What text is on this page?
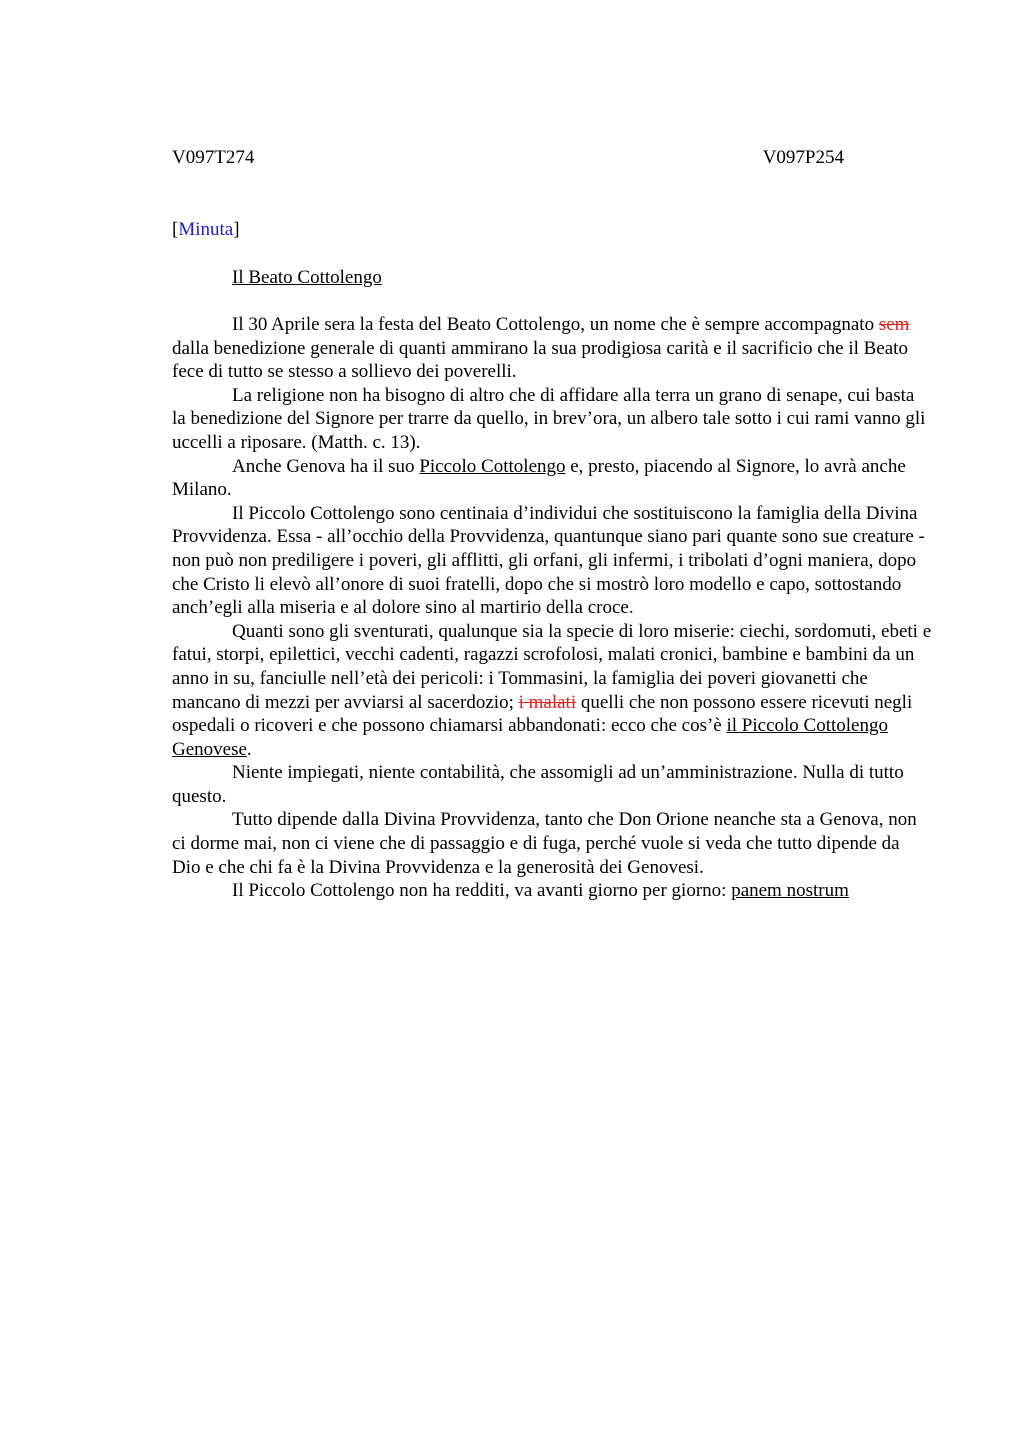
V097T274	V097P254
[Minuta]
Il Beato Cottolengo

Il 30 Aprile sera la festa del Beato Cottolengo, un nome che è sempre accompagnato sem dalla benedizione generale di quanti ammirano la sua prodigiosa carità e il sacrificio che il Beato fece di tutto se stesso a sollievo dei poverelli.

La religione non ha bisogno di altro che di affidare alla terra un grano di senape, cui basta la benedizione del Signore per trarre da quello, in brev’ora, un albero tale sotto i cui rami vanno gli uccelli a riposare. (Matth. c. 13).

Anche Genova ha il suo Piccolo Cottolengo e, presto, piacendo al Signore, lo avrà anche Milano.

Il Piccolo Cottolengo sono centinaia d’individui che sostituiscono la famiglia della Divina Provvidenza. Essa - all’occhio della Provvidenza, quantunque siano pari quante sono sue creature - non può non prediligere i poveri, gli afflitti, gli orfani, gli infermi, i tribolati d’ogni maniera, dopo che Cristo li elevò all’onore di suoi fratelli, dopo che si mostrò loro modello e capo, sottostando anch’egli alla miseria e al dolore sino al martirio della croce.

Quanti sono gli sventurati, qualunque sia la specie di loro miserie: ciechi, sordomuti, ebeti e fatui, storpi, epilettici, vecchi cadenti, ragazzi scrofolosi, malati cronici, bambine e bambini da un anno in su, fanciulle nell’età dei pericoli: i Tommasini, la famiglia dei poveri giovanetti che mancano di mezzi per avviarsi al sacerdozio; i malati quelli che non possono essere ricevuti negli ospedali o ricoveri e che possono chiamarsi abbandonati: ecco che cos’è il Piccolo Cottolengo Genovese.

Niente impiegati, niente contabilità, che assomigli ad un’amministrazione. Nulla di tutto questo.

Tutto dipende dalla Divina Provvidenza, tanto che Don Orione neanche sta a Genova, non ci dorme mai, non ci viene che di passaggio e di fuga, perché vuole si veda che tutto dipende da Dio e che chi fa è la Divina Provvidenza e la generosità dei Genovesi.

Il Piccolo Cottolengo non ha redditi, va avanti giorno per giorno: panem nostrum
